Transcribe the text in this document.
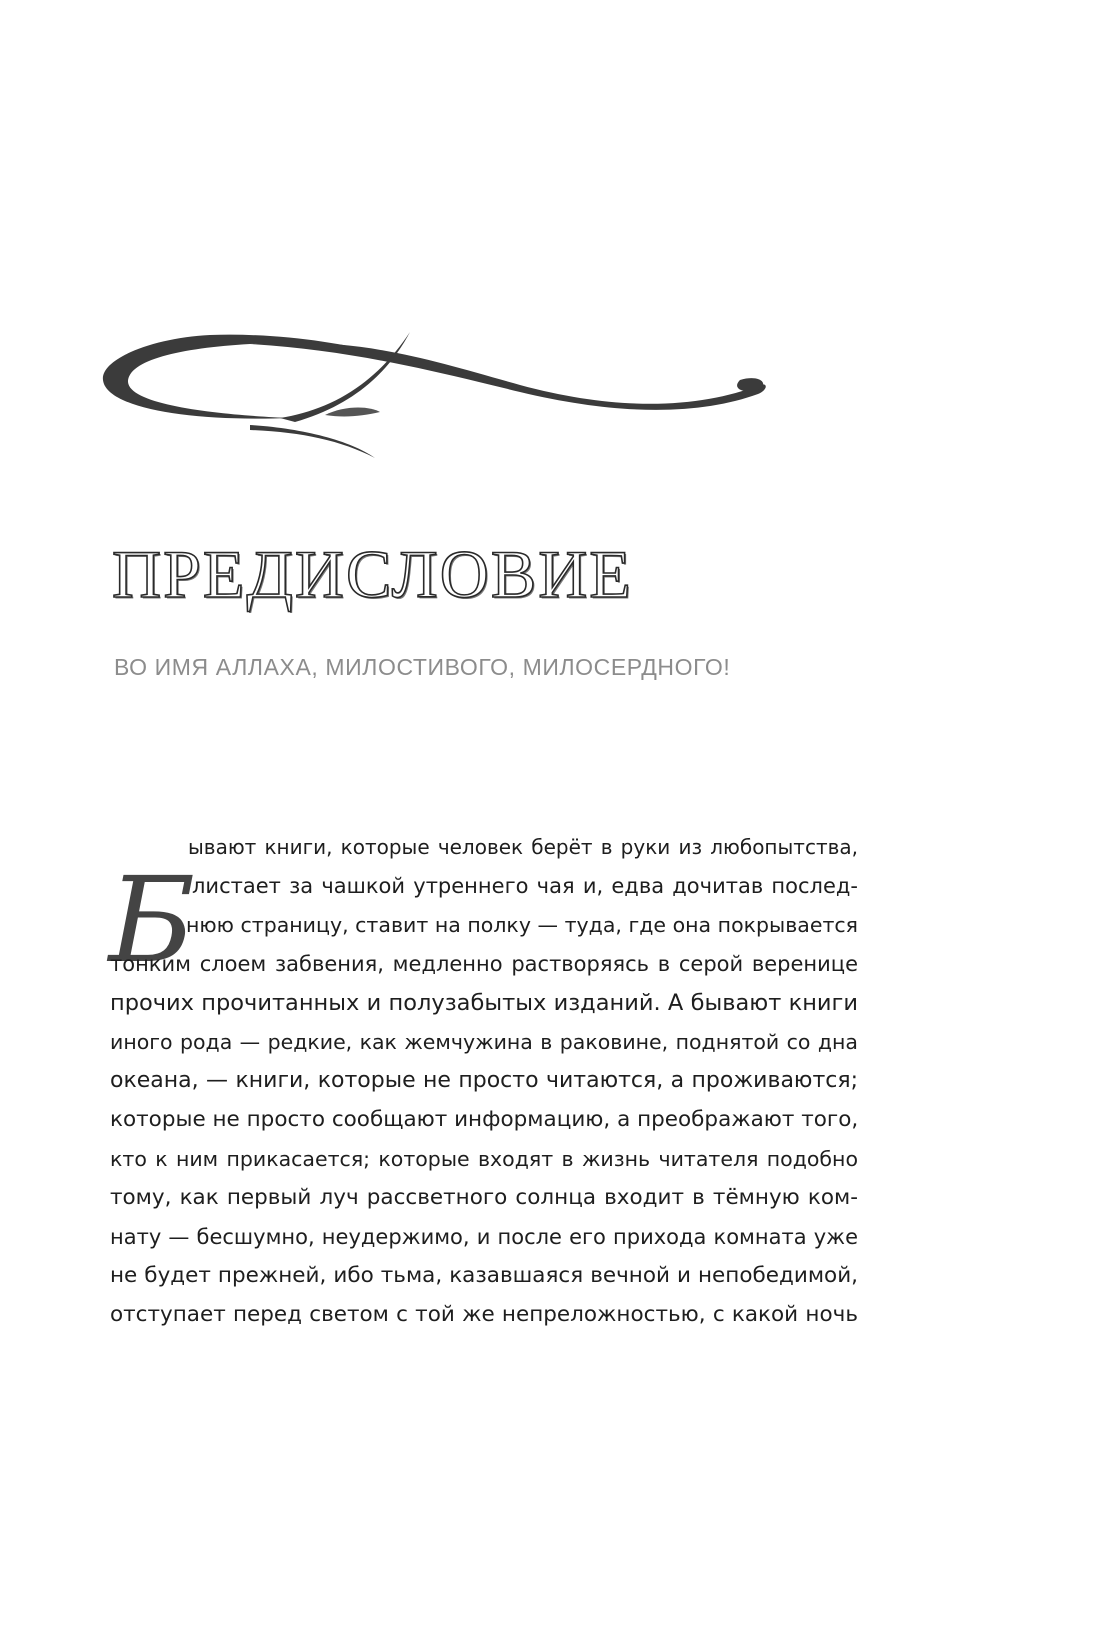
ПРЕДИСЛОВИЕ

ВО ИМЯ АЛЛАХА, МИЛОСТИВОГО, МИЛОСЕРДНОГО!

Б
ывают книги, которые человек берёт в руки из любопытства,
листает за чашкой утреннего чая и, едва дочитав послед-
нюю страницу, ставит на полку — туда, где она покрывается
тонким слоем забвения, медленно растворяясь в серой веренице
прочих прочитанных и полузабытых изданий. А бывают книги
иного рода — редкие, как жемчужина в раковине, поднятой со дна
океана, — книги, которые не просто читаются, а проживаются;
которые не просто сообщают информацию, а преображают того,
кто к ним прикасается; которые входят в жизнь читателя подобно
тому, как первый луч рассветного солнца входит в тёмную ком-
нату — бесшумно, неудержимо, и после его прихода комната уже
не будет прежней, ибо тьма, казавшаяся вечной и непобедимой,
отступает перед светом с той же непреложностью, с какой ночь
